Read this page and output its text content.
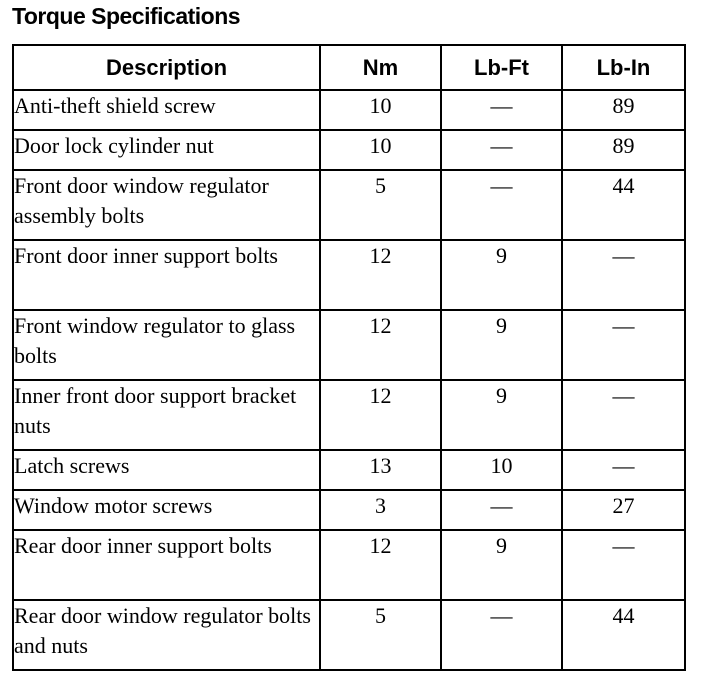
Torque Specifications
Description	Nm	Lb-Ft	Lb-In
Anti-theft shield screw	10	—	89
Door lock cylinder nut	10	—	89
Front door window regulator assembly bolts	5	—	44
Front door inner support bolts	12	9	—
Front window regulator to glass bolts	12	9	—
Inner front door support bracket nuts	12	9	—
Latch screws	13	10	—
Window motor screws	3	—	27
Rear door inner support bolts	12	9	—
Rear door window regulator bolts and nuts	5	—	44
